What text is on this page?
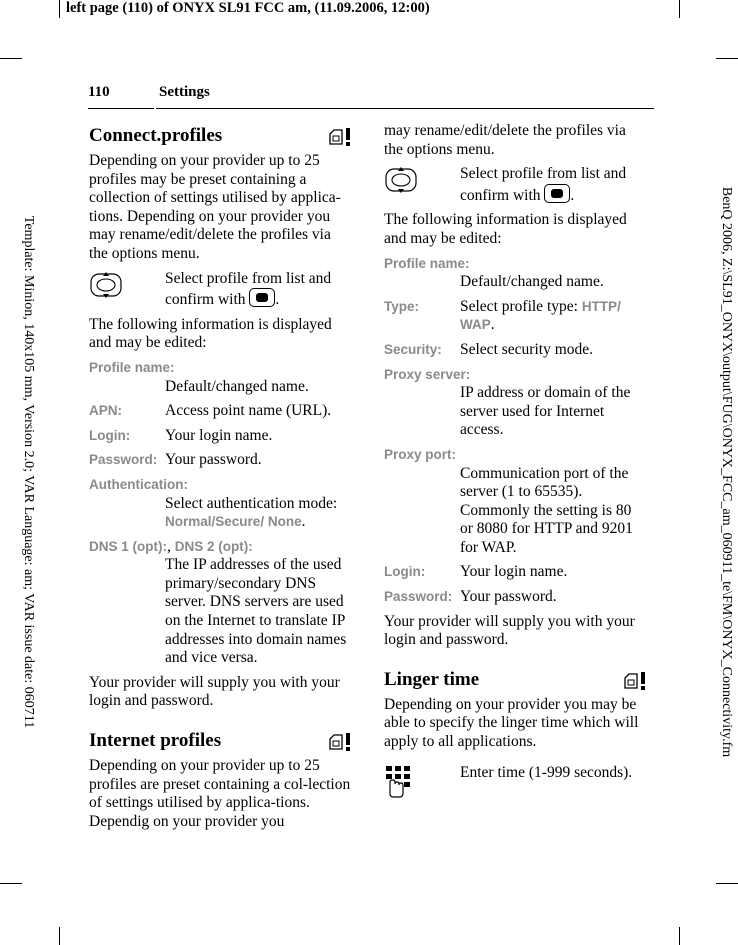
left page (110) of ONYX SL91 FCC am, (11.09.2006, 12:00)
Template: Minion, 140x105 mm, Version 2.0; VAR Language: am; VAR issue date: 060711	BenQ 2006, Z:\SL91_ONYX\output\FUG\ONYX_FCC_am_060911_te\FM\ONYX_Connectivity.fm
110	Settings
Connect.profiles

Depending on your provider up to 25 profiles may be preset containing a collection of settings utilised by applica-tions. Depending on your provider you may rename/edit/delete the profiles via the options menu.

Select profile from list and confirm with .

The following information is displayed and may be edited:

Profile name:
Default/changed name.
APN:	Access point name (URL).
Login:	Your login name.
Password: Your password.
Authentication:
Select authentication mode: Normal/Secure/ None.
DNS 1 (opt):, DNS 2 (opt):
The IP addresses of the used primary/secondary DNS server. DNS servers are used on the Internet to translate IP addresses into domain names and vice versa.

Your provider will supply you with your login and password.

Internet profiles

Depending on your provider up to 25 profiles are preset containing a col-lection of settings utilised by applica-tions. Dependig on your provider you

may rename/edit/delete the profiles via the options menu.

Select profile from list and confirm with .

The following information is displayed and may be edited:

Profile name:
Default/changed name.
Type:	Select profile type: HTTP/ WAP.
Security:	Select security mode.
Proxy server:
IP address or domain of the server used for Internet access.
Proxy port:
Communication port of the server (1 to 65535). Commonly the setting is 80 or 8080 for HTTP and 9201 for WAP.
Login:	Your login name.
Password: Your password.

Your provider will supply you with your login and password.

Linger time

Depending on your provider you may be able to specify the linger time which will apply to all applications.

Enter time (1-999 seconds).
